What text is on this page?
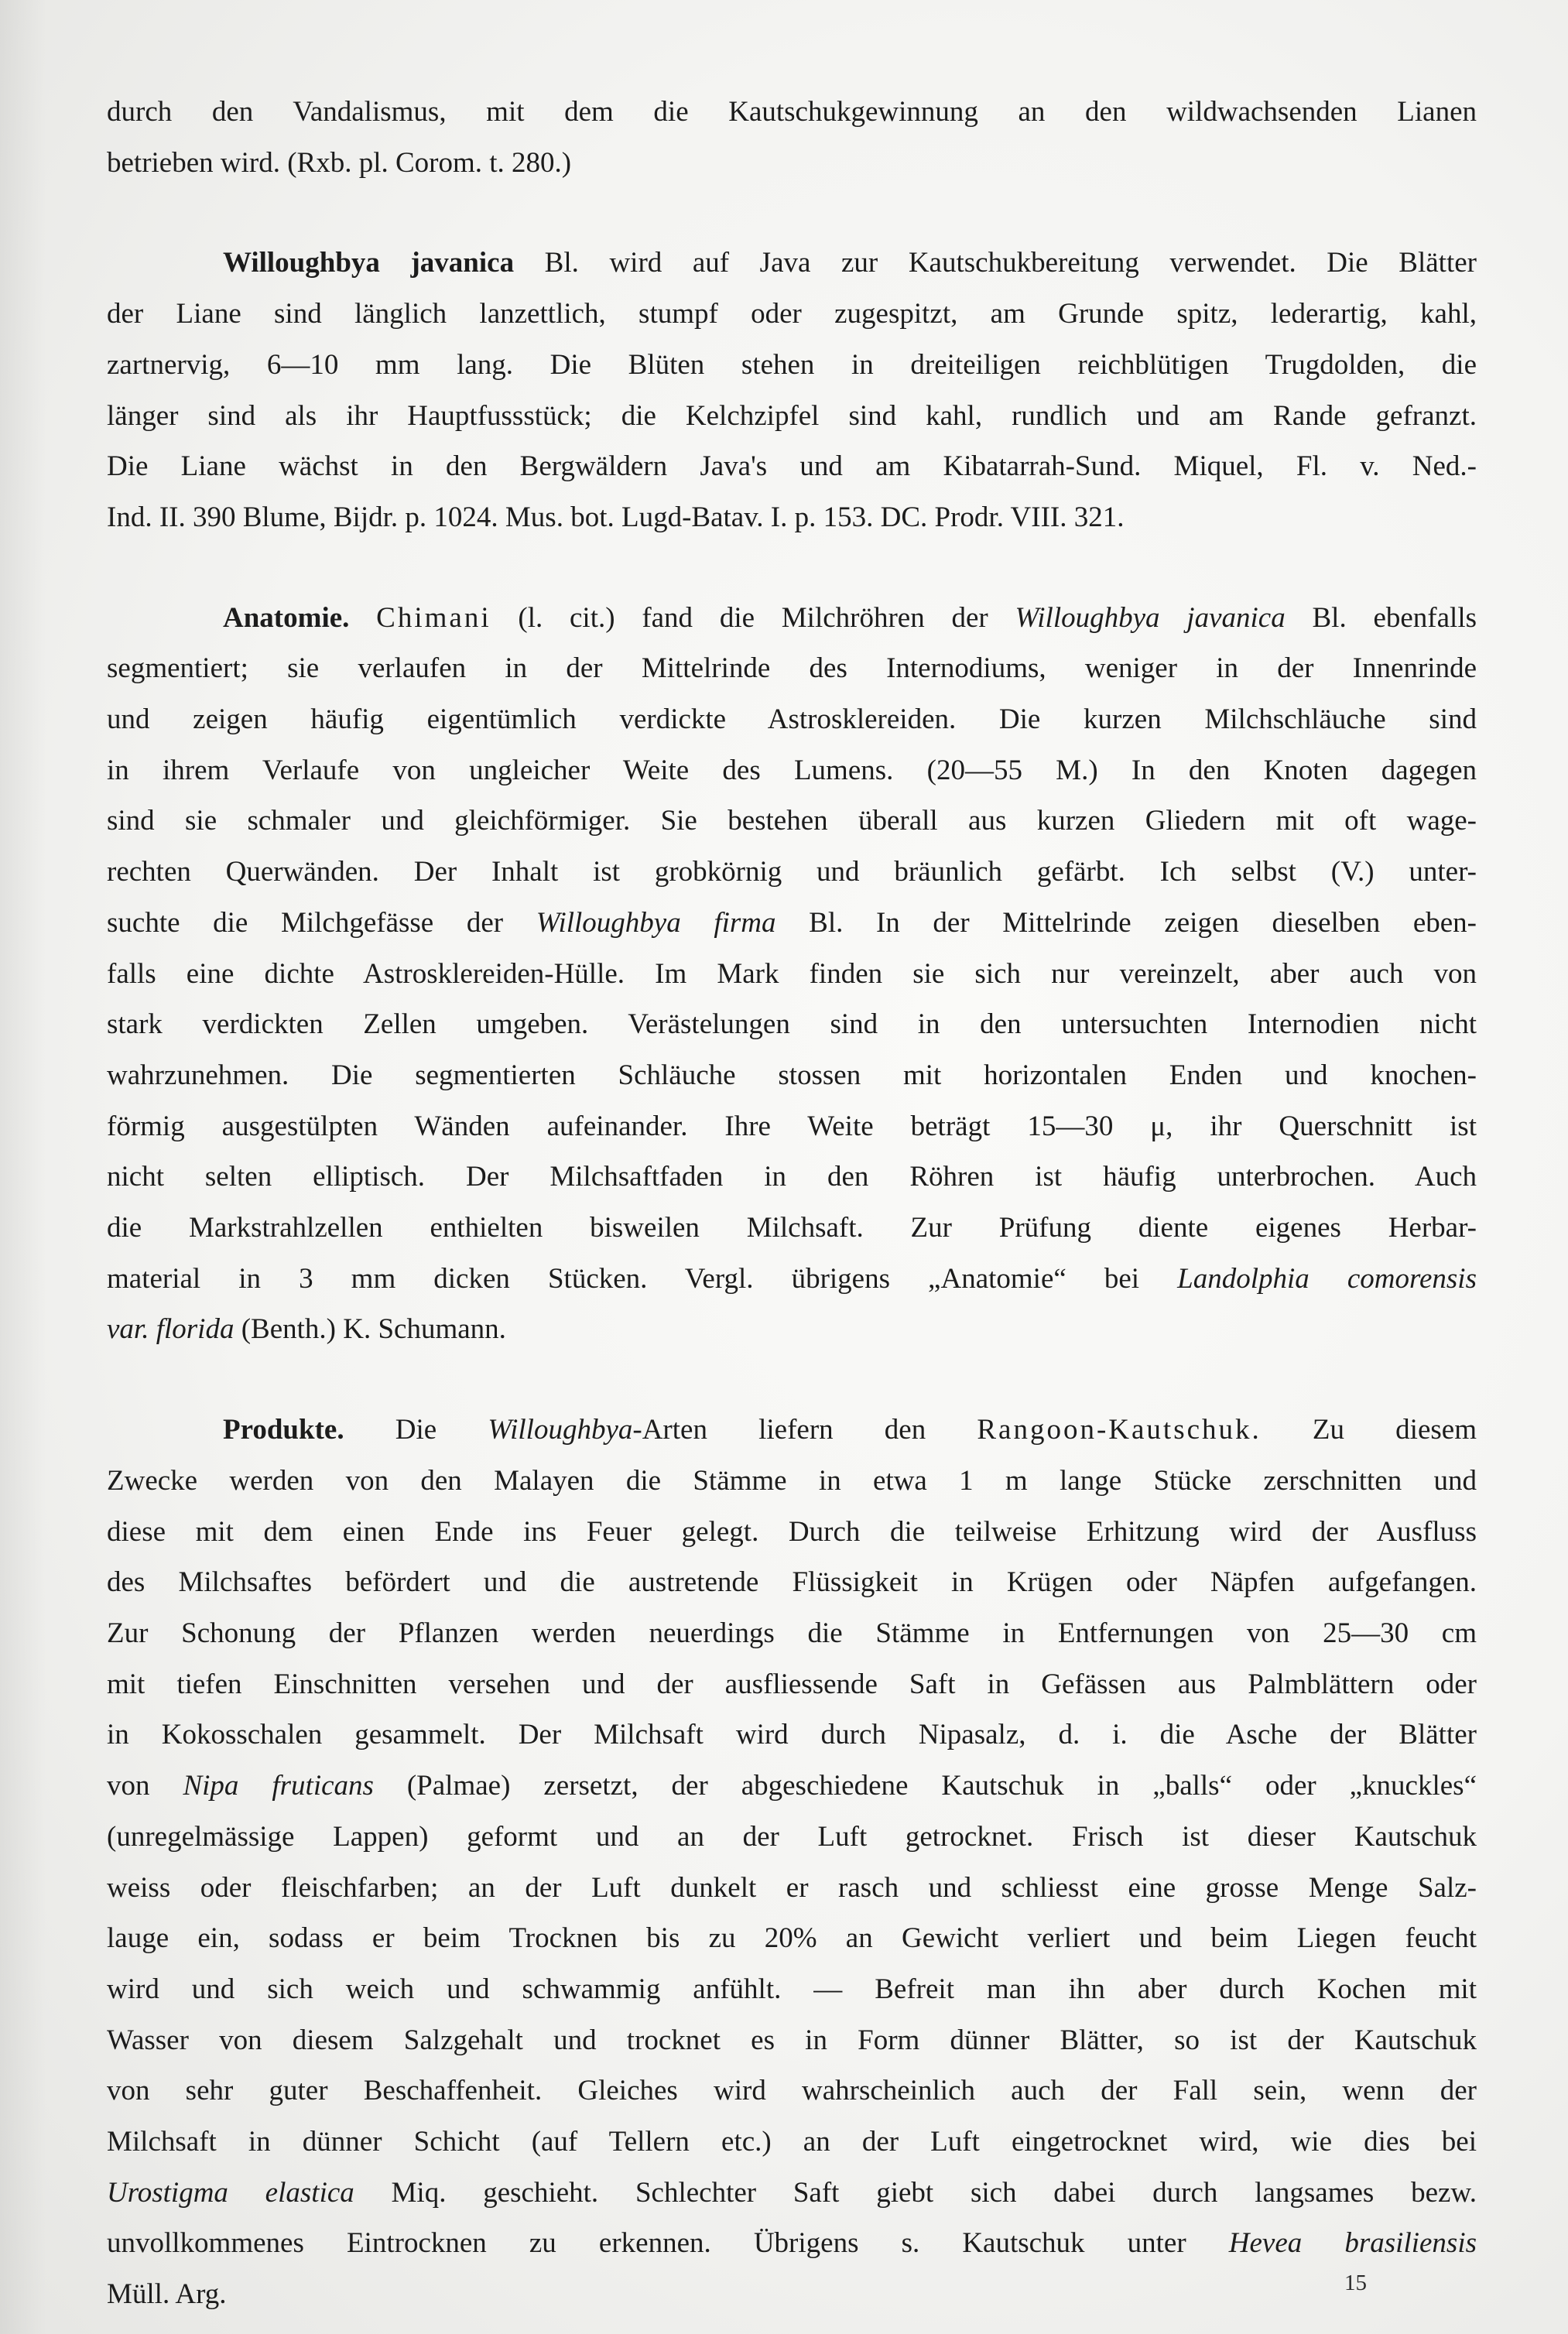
durch den Vandalismus, mit dem die Kautschukgewinnung an den wildwachsenden Lianen
betrieben wird. (Rxb. pl. Corom. t. 280.)
Willoughbya javanica Bl. wird auf Java zur Kautschukbereitung verwendet. Die Blätter
der Liane sind länglich lanzettlich, stumpf oder zugespitzt, am Grunde spitz, lederartig, kahl,
zartnervig, 6—10 mm lang. Die Blüten stehen in dreiteiligen reichblütigen Trugdolden, die
länger sind als ihr Hauptfussstück; die Kelchzipfel sind kahl, rundlich und am Rande gefranzt.
Die Liane wächst in den Bergwäldern Java's und am Kibatarrah-Sund. Miquel, Fl. v. Ned.-
Ind. II. 390 Blume, Bijdr. p. 1024. Mus. bot. Lugd-Batav. I. p. 153. DC. Prodr. VIII. 321.
Anatomie. Chimani (l. cit.) fand die Milchröhren der Willoughbya javanica Bl. ebenfalls
segmentiert; sie verlaufen in der Mittelrinde des Internodiums, weniger in der Innenrinde
und zeigen häufig eigentümlich verdickte Astrosklereiden. Die kurzen Milchschläuche sind
in ihrem Verlaufe von ungleicher Weite des Lumens. (20—55 M.) In den Knoten dagegen
sind sie schmaler und gleichförmiger. Sie bestehen überall aus kurzen Gliedern mit oft wage-
rechten Querwänden. Der Inhalt ist grobkörnig und bräunlich gefärbt. Ich selbst (V.) unter-
suchte die Milchgefässe der Willoughbya firma Bl. In der Mittelrinde zeigen dieselben eben-
falls eine dichte Astrosklereiden-Hülle. Im Mark finden sie sich nur vereinzelt, aber auch von
stark verdickten Zellen umgeben. Verästelungen sind in den untersuchten Internodien nicht
wahrzunehmen. Die segmentierten Schläuche stossen mit horizontalen Enden und knochen-
förmig ausgestülpten Wänden aufeinander. Ihre Weite beträgt 15—30 μ, ihr Querschnitt ist
nicht selten elliptisch. Der Milchsaftfaden in den Röhren ist häufig unterbrochen. Auch
die Markstrahlzellen enthielten bisweilen Milchsaft. Zur Prüfung diente eigenes Herbar-
material in 3 mm dicken Stücken. Vergl. übrigens „Anatomie“ bei Landolphia comorensis
var. florida (Benth.) K. Schumann.
Produkte. Die Willoughbya-Arten liefern den Rangoon-Kautschuk. Zu diesem
Zwecke werden von den Malayen die Stämme in etwa 1 m lange Stücke zerschnitten und
diese mit dem einen Ende ins Feuer gelegt. Durch die teilweise Erhitzung wird der Ausfluss
des Milchsaftes befördert und die austretende Flüssigkeit in Krügen oder Näpfen aufgefangen.
Zur Schonung der Pflanzen werden neuerdings die Stämme in Entfernungen von 25—30 cm
mit tiefen Einschnitten versehen und der ausfliessende Saft in Gefässen aus Palmblättern oder
in Kokosschalen gesammelt. Der Milchsaft wird durch Nipasalz, d. i. die Asche der Blätter
von Nipa fruticans (Palmae) zersetzt, der abgeschiedene Kautschuk in „balls“ oder „knuckles“
(unregelmässige Lappen) geformt und an der Luft getrocknet. Frisch ist dieser Kautschuk
weiss oder fleischfarben; an der Luft dunkelt er rasch und schliesst eine grosse Menge Salz-
lauge ein, sodass er beim Trocknen bis zu 20% an Gewicht verliert und beim Liegen feucht
wird und sich weich und schwammig anfühlt. — Befreit man ihn aber durch Kochen mit
Wasser von diesem Salzgehalt und trocknet es in Form dünner Blätter, so ist der Kautschuk
von sehr guter Beschaffenheit. Gleiches wird wahrscheinlich auch der Fall sein, wenn der
Milchsaft in dünner Schicht (auf Tellern etc.) an der Luft eingetrocknet wird, wie dies bei
Urostigma elastica Miq. geschieht. Schlechter Saft giebt sich dabei durch langsames bezw.
unvollkommenes Eintrocknen zu erkennen. Übrigens s. Kautschuk unter Hevea brasiliensis
Müll. Arg.	15
